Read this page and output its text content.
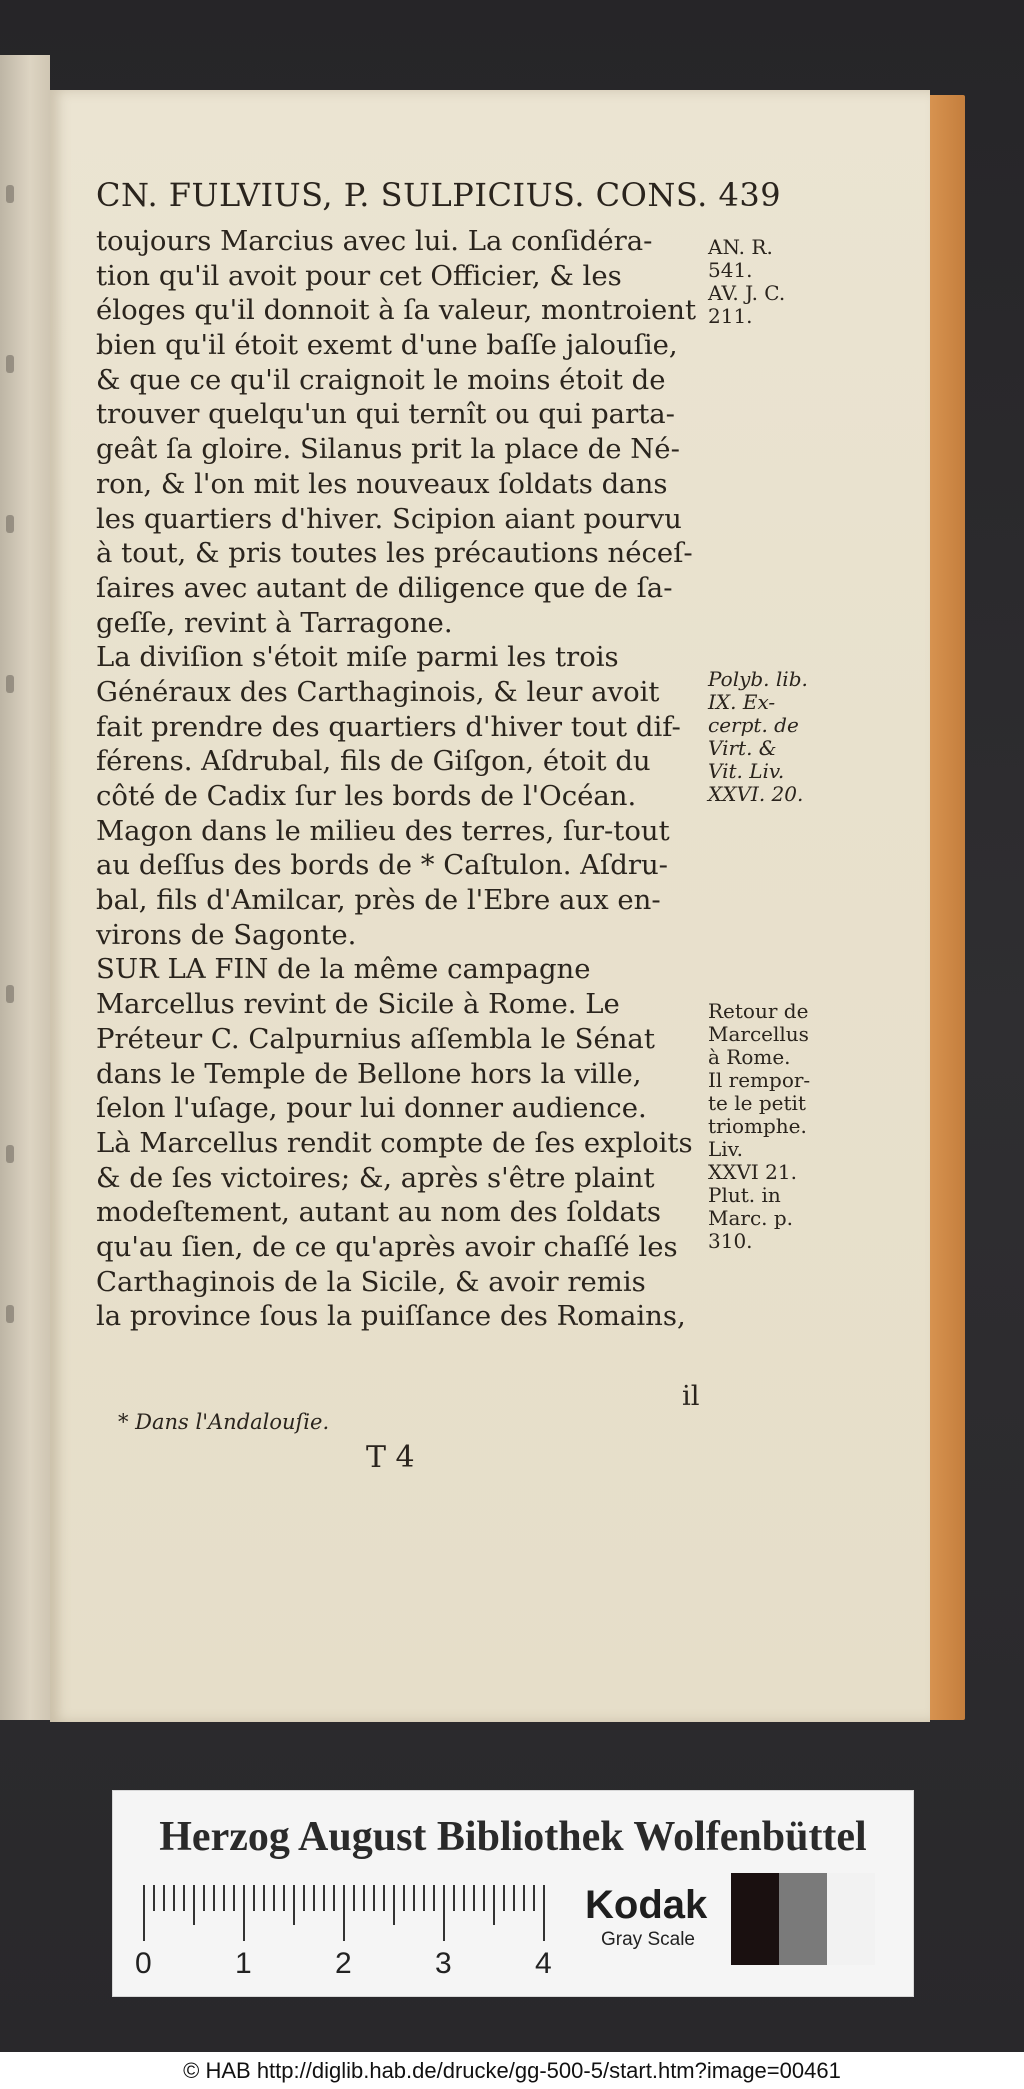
CN. FULVIUS, P. SULPICIUS. CONS. 439
toujours Marcius avec lui. La conſidéra-
tion qu'il avoit pour cet Officier, & les
éloges qu'il donnoit à ſa valeur, montroient
bien qu'il étoit exemt d'une baſſe jalouſie,
& que ce qu'il craignoit le moins étoit de
trouver quelqu'un qui ternît ou qui parta-
geât ſa gloire. Silanus prit la place de Né-
ron, & l'on mit les nouveaux ſoldats dans
les quartiers d'hiver. Scipion aiant pourvu
à tout, & pris toutes les précautions néceſ-
ſaires avec autant de diligence que de ſa-
geſſe, revint à Tarragone.
La diviſion s'étoit miſe parmi les trois
Généraux des Carthaginois, & leur avoit
fait prendre des quartiers d'hiver tout dif-
férens. Aſdrubal, fils de Giſgon, étoit du
côté de Cadix ſur les bords de l'Océan.
Magon dans le milieu des terres, ſur-tout
au deſſus des bords de * Caſtulon. Aſdru-
bal, fils d'Amilcar, près de l'Ebre aux en-
virons de Sagonte.
SUR LA FIN de la même campagne
Marcellus revint de Sicile à Rome. Le
Préteur C. Calpurnius aſſembla le Sénat
dans le Temple de Bellone hors la ville,
ſelon l'uſage, pour lui donner audience.
Là Marcellus rendit compte de ſes exploits
& de ſes victoires; &, après s'être plaint
modeſtement, autant au nom des ſoldats
qu'au ſien, de ce qu'après avoir chaſſé les
Carthaginois de la Sicile, & avoir remis
la province ſous la puiſſance des Romains,
AN. R.
541.
AV. J. C.
211.
Polyb. lib.
IX. Ex-
cerpt. de
Virt. &
Vit. Liv.
XXVI. 20.
Retour de
Marcellus
à Rome.
Il rempor-
te le petit
triomphe.
Liv.
XXVI 21.
Plut. in
Marc. p.
310.
il
* Dans l'Andalouſie.
T 4
Herzog August Bibliothek Wolfenbüttel
0	1	2	3	4
Kodak
Gray Scale
© HAB http://diglib.hab.de/drucke/gg-500-5/start.htm?image=00461
